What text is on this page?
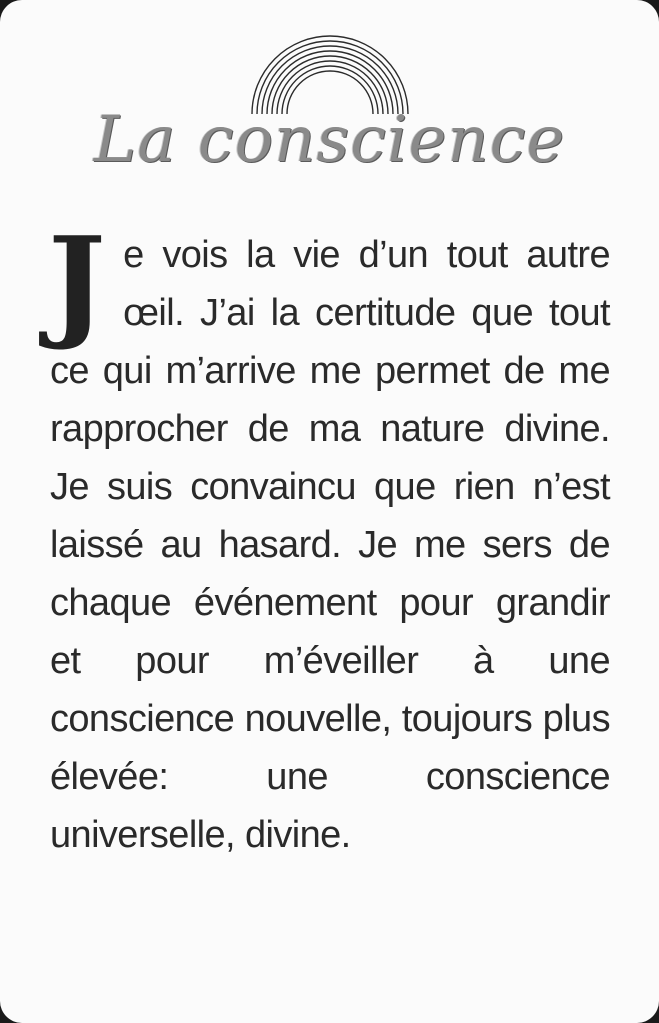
La conscience
Je vois la vie d’un tout autre œil. J’ai la certitude que tout ce qui m’arrive me permet de me rapprocher de ma nature divine. Je suis convaincu que rien n’est laissé au hasard. Je me sers de chaque événement pour grandir et pour m’éveiller à une conscience nouvelle, toujours plus élevée: une conscience universelle, divine.
